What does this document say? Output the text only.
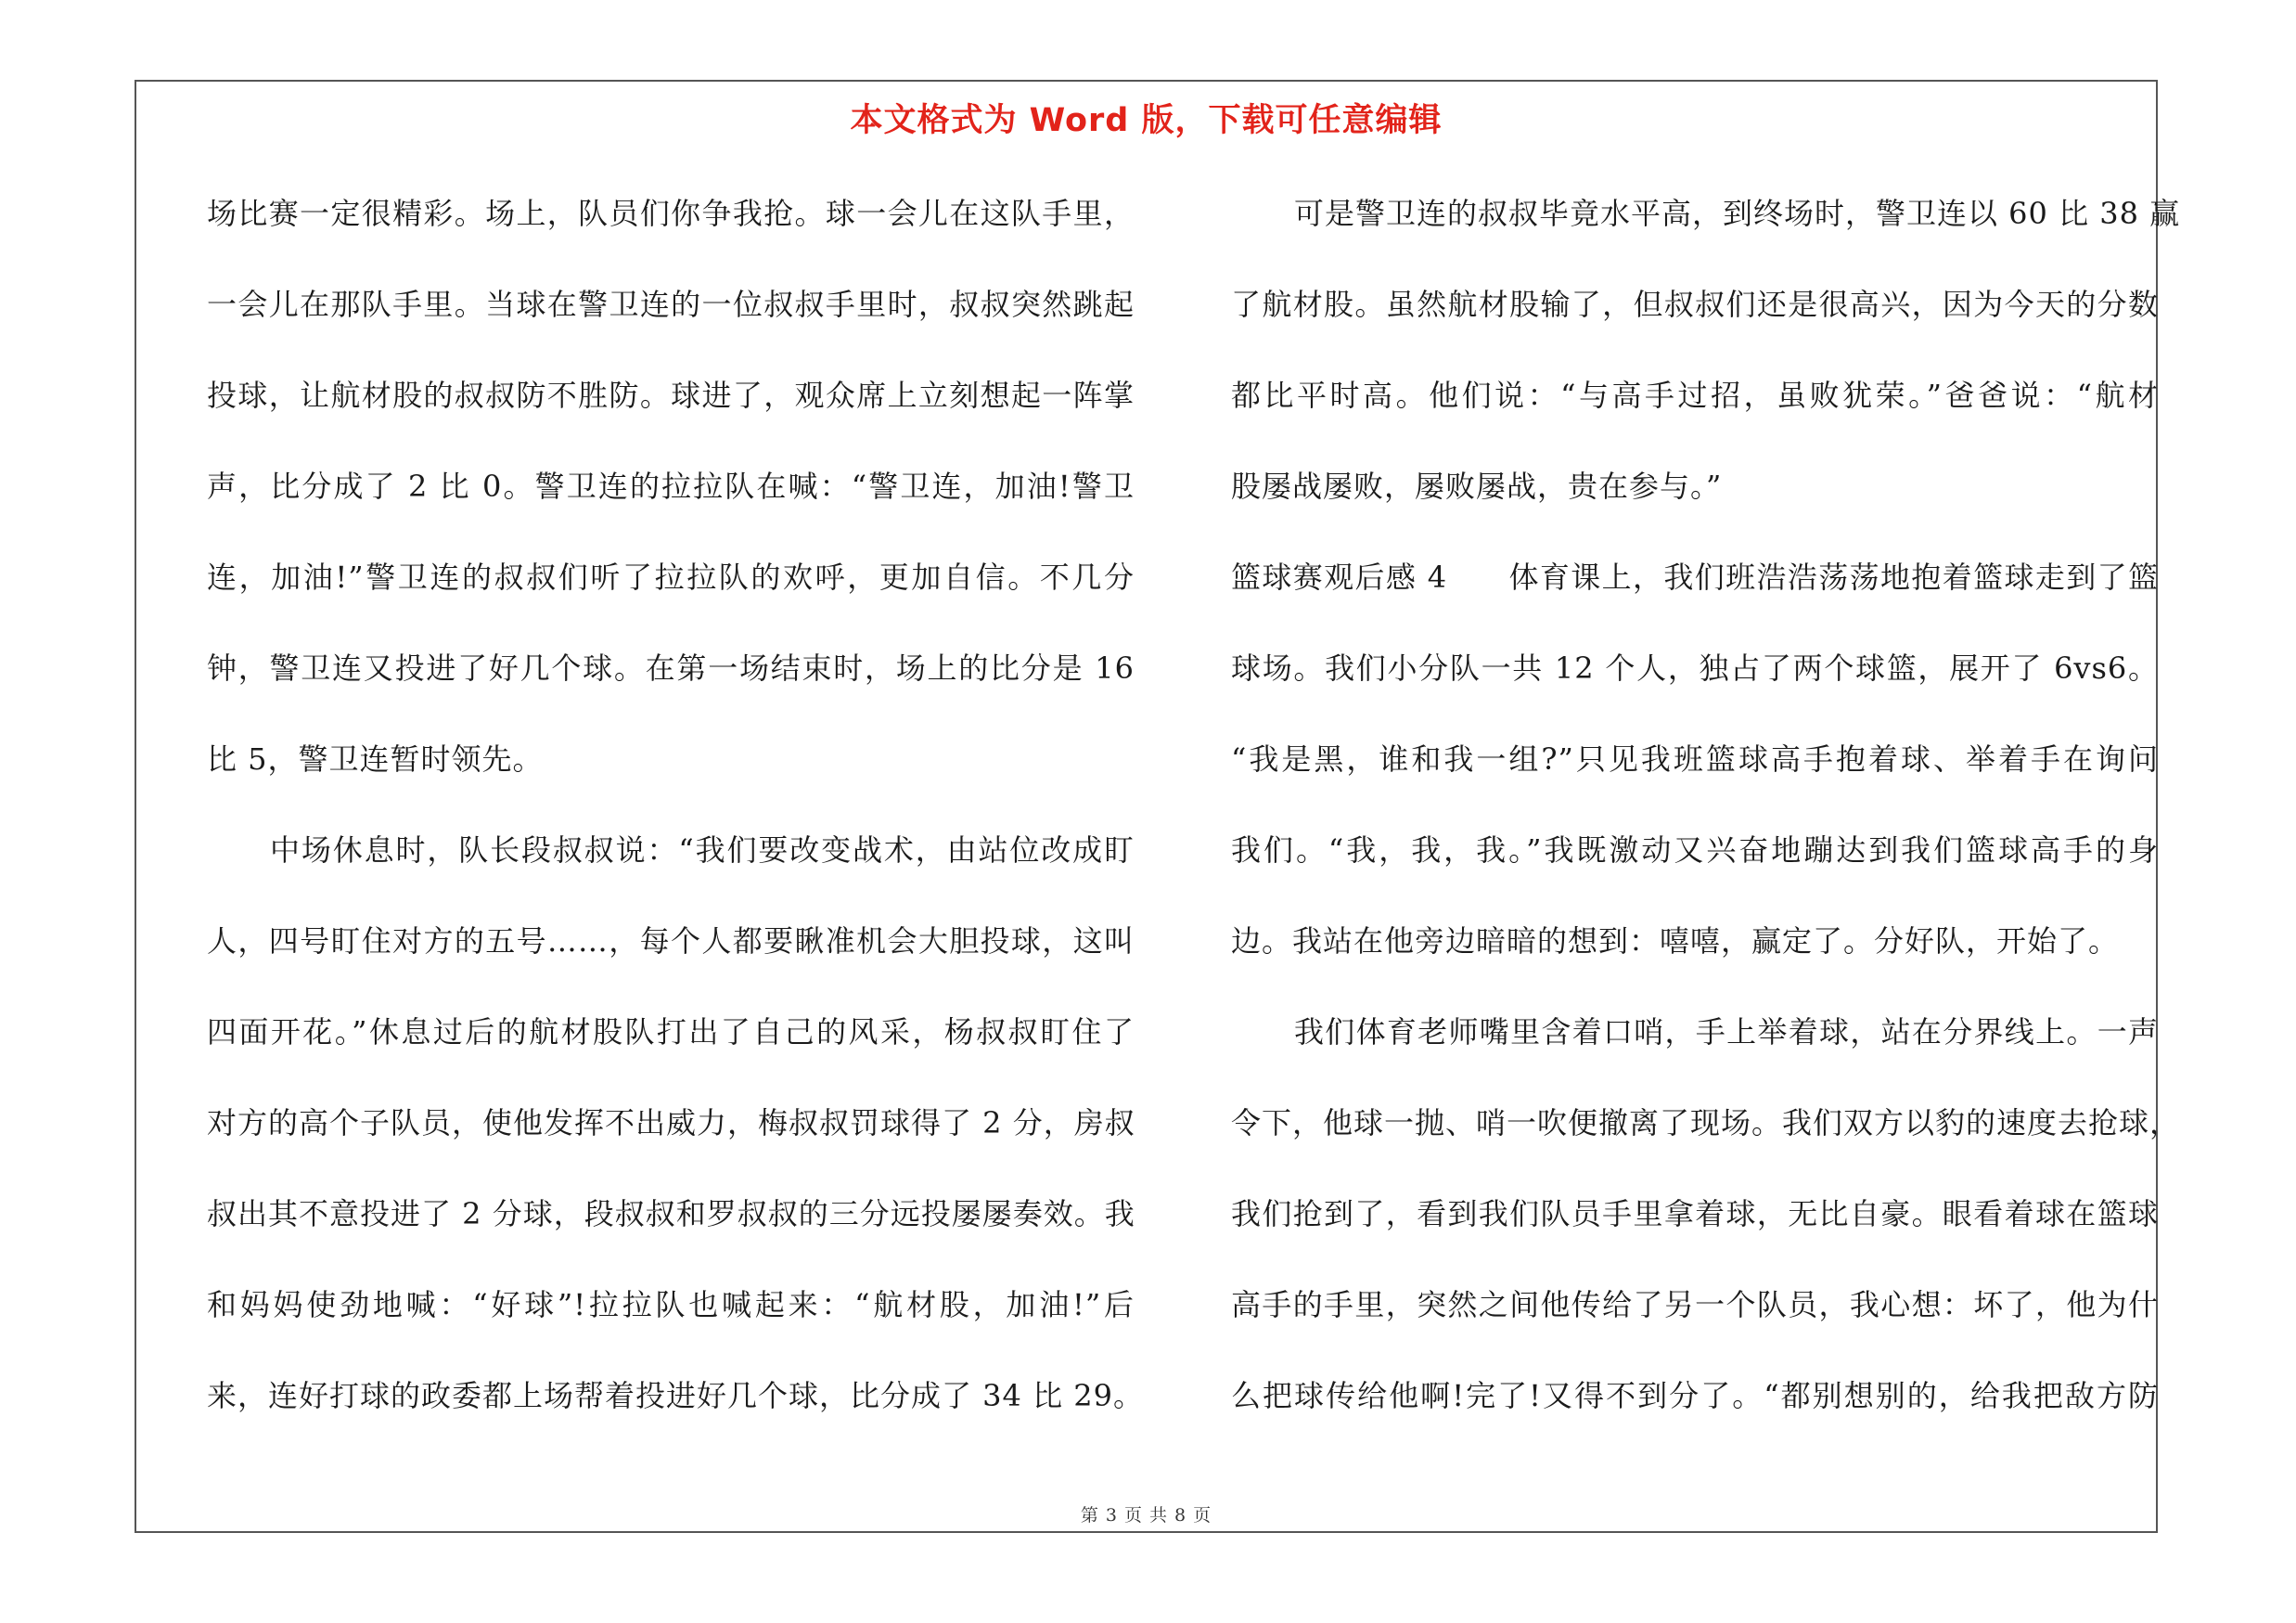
本文格式为 Word 版，下载可任意编辑
场比赛一定很精彩。场上，队员们你争我抢。球一会儿在这队手里，
一会儿在那队手里。当球在警卫连的一位叔叔手里时，叔叔突然跳起
投球，让航材股的叔叔防不胜防。球进了，观众席上立刻想起一阵掌
声，比分成了 2 比 0。警卫连的拉拉队在喊：“警卫连，加油!警卫
连，加油!”警卫连的叔叔们听了拉拉队的欢呼，更加自信。不几分
钟，警卫连又投进了好几个球。在第一场结束时，场上的比分是 16
比 5，警卫连暂时领先。
中场休息时，队长段叔叔说：“我们要改变战术，由站位改成盯
人，四号盯住对方的五号……，每个人都要瞅准机会大胆投球，这叫
四面开花。”休息过后的航材股队打出了自己的风采，杨叔叔盯住了
对方的高个子队员，使他发挥不出威力，梅叔叔罚球得了 2 分，房叔
叔出其不意投进了 2 分球，段叔叔和罗叔叔的三分远投屡屡奏效。我
和妈妈使劲地喊：“好球”!拉拉队也喊起来：“航材股，加油!”后
来，连好打球的政委都上场帮着投进好几个球，比分成了 34 比 29。
可是警卫连的叔叔毕竟水平高，到终场时，警卫连以 60 比 38 赢
了航材股。虽然航材股输了，但叔叔们还是很高兴，因为今天的分数
都比平时高。他们说：“与高手过招，虽败犹荣。”爸爸说：“航材
股屡战屡败，屡败屡战，贵在参与。”
篮球赛观后感 4 体育课上，我们班浩浩荡荡地抱着篮球走到了篮
球场。我们小分队一共 12 个人，独占了两个球篮，展开了 6vs6。
“我是黑，谁和我一组?”只见我班篮球高手抱着球、举着手在询问
我们。“我，我，我。”我既激动又兴奋地蹦达到我们篮球高手的身
边。我站在他旁边暗暗的想到：嘻嘻，赢定了。分好队，开始了。
我们体育老师嘴里含着口哨，手上举着球，站在分界线上。一声
令下，他球一抛、哨一吹便撤离了现场。我们双方以豹的速度去抢球，
我们抢到了，看到我们队员手里拿着球，无比自豪。眼看着球在篮球
高手的手里，突然之间他传给了另一个队员，我心想：坏了，他为什
么把球传给他啊!完了!又得不到分了。“都别想别的，给我把敌方防
第 3 页 共 8 页
